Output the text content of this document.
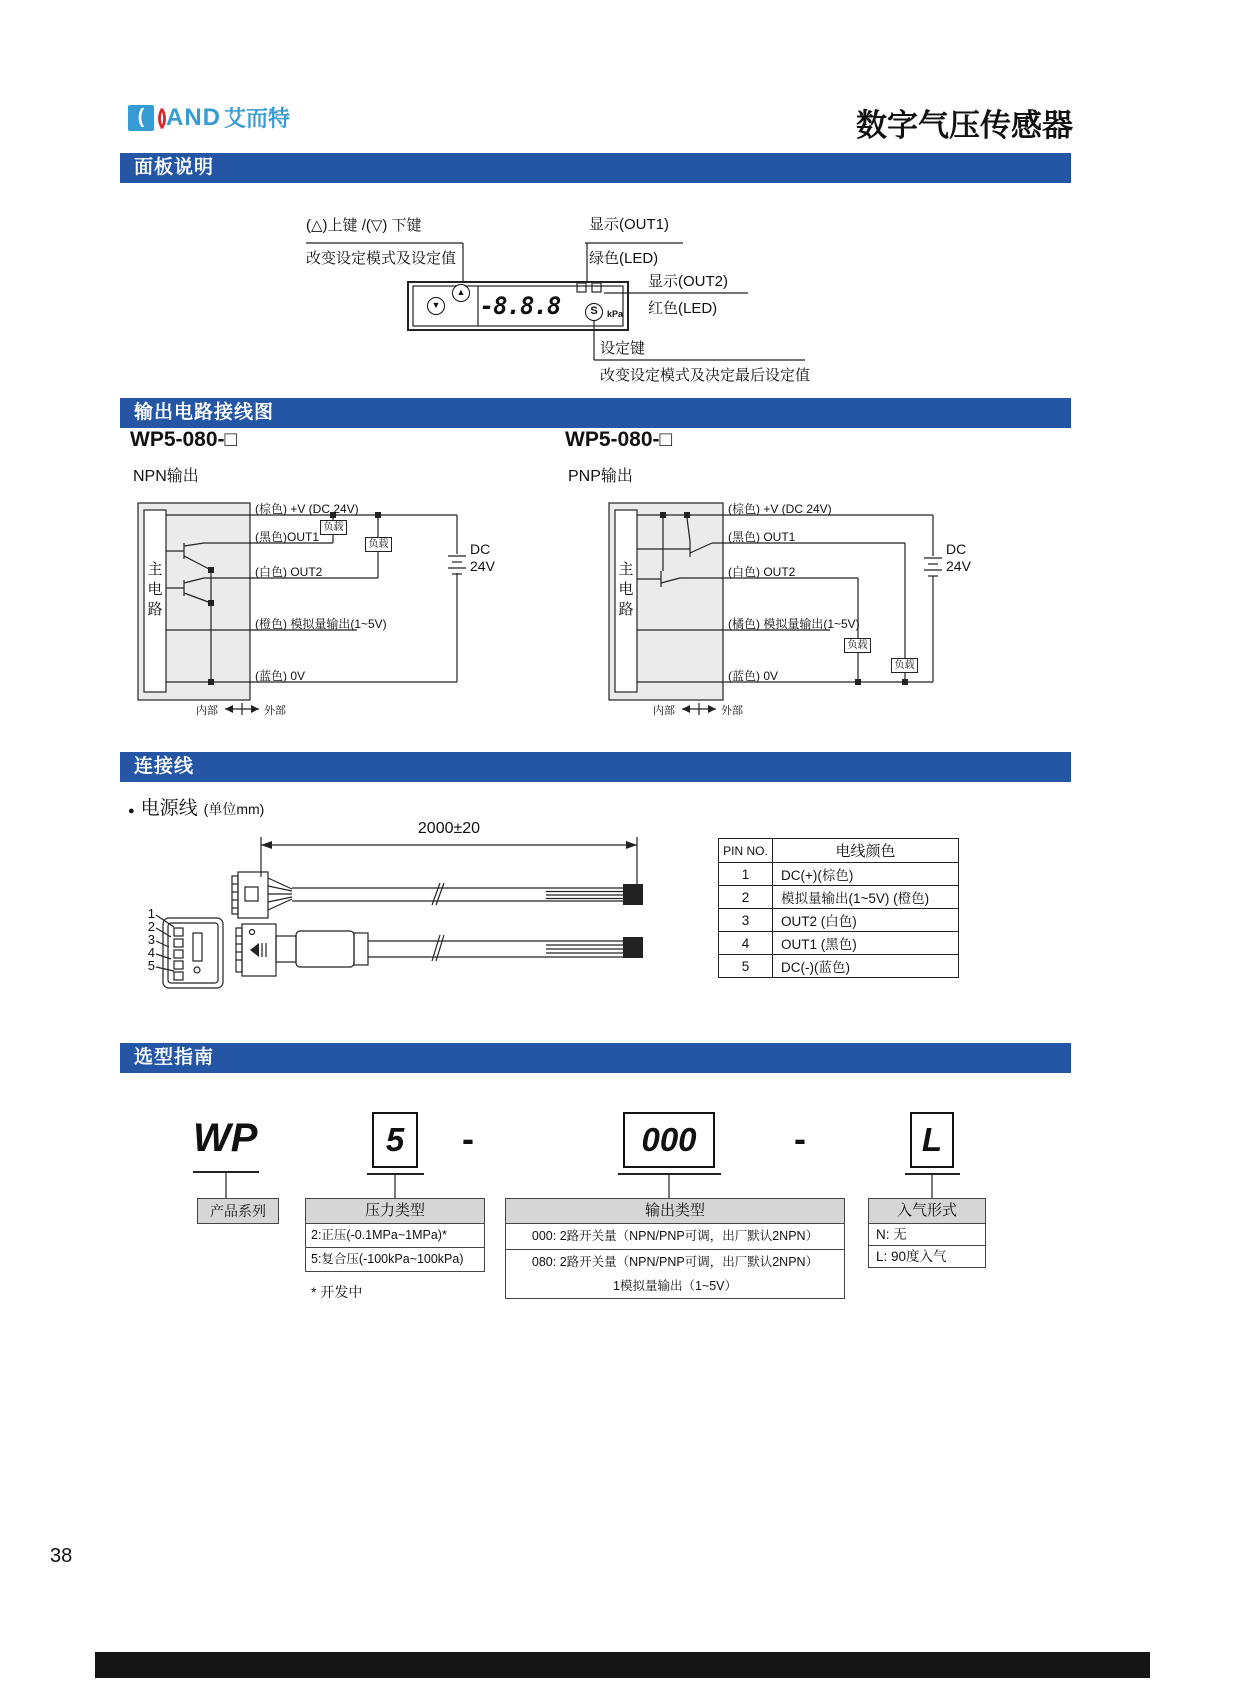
( () AND 艾而特	数字气压传感器
面板说明
输出电路接线图
连接线
选型指南
(△)上键 /(▽) 下键
改变设定模式及设定值
显示(OUT1)
绿色(LED)
显示(OUT2)
红色(LED)
设定键
改变设定模式及决定最后设定值
▼
▲ -8.8.8	S	kPa
WP5-080-□
NPN输出
WP5-080-□
PNP输出
主电路
(棕色) +V (DC 24V)
(黑色)OUT1
(白色) OUT2
(橙色) 模拟量输出(1~5V)
(蓝色) 0V
负载
负载	DC
24V
内部	外部
主电路
(棕色) +V (DC 24V)
(黑色) OUT1
(白色) OUT2
(橘色) 模拟量输出(1~5V)
(蓝色) 0V
负载
负载
DC
24V
内部	外部
● 电源线 (单位mm)
2000±20
1
2
3
4
5
PIN NO.	电线颜色
1	DC(+)(棕色)
2	模拟量输出(1~5V) (橙色)
3	OUT2 (白色)
4	OUT1 (黑色)
5	DC(-)(蓝色)
WP	5	-	000	-	L
产品系列	压力类型
2:正压(-0.1MPa~1MPa)*
5:复合压(-100kPa~100kPa)
* 开发中
输出类型
000: 2路开关量（NPN/PNP可调，出厂默认2NPN）
080: 2路开关量（NPN/PNP可调，出厂默认2NPN）
1模拟量输出（1~5V）
入气形式
N: 无
L: 90度入气
38
